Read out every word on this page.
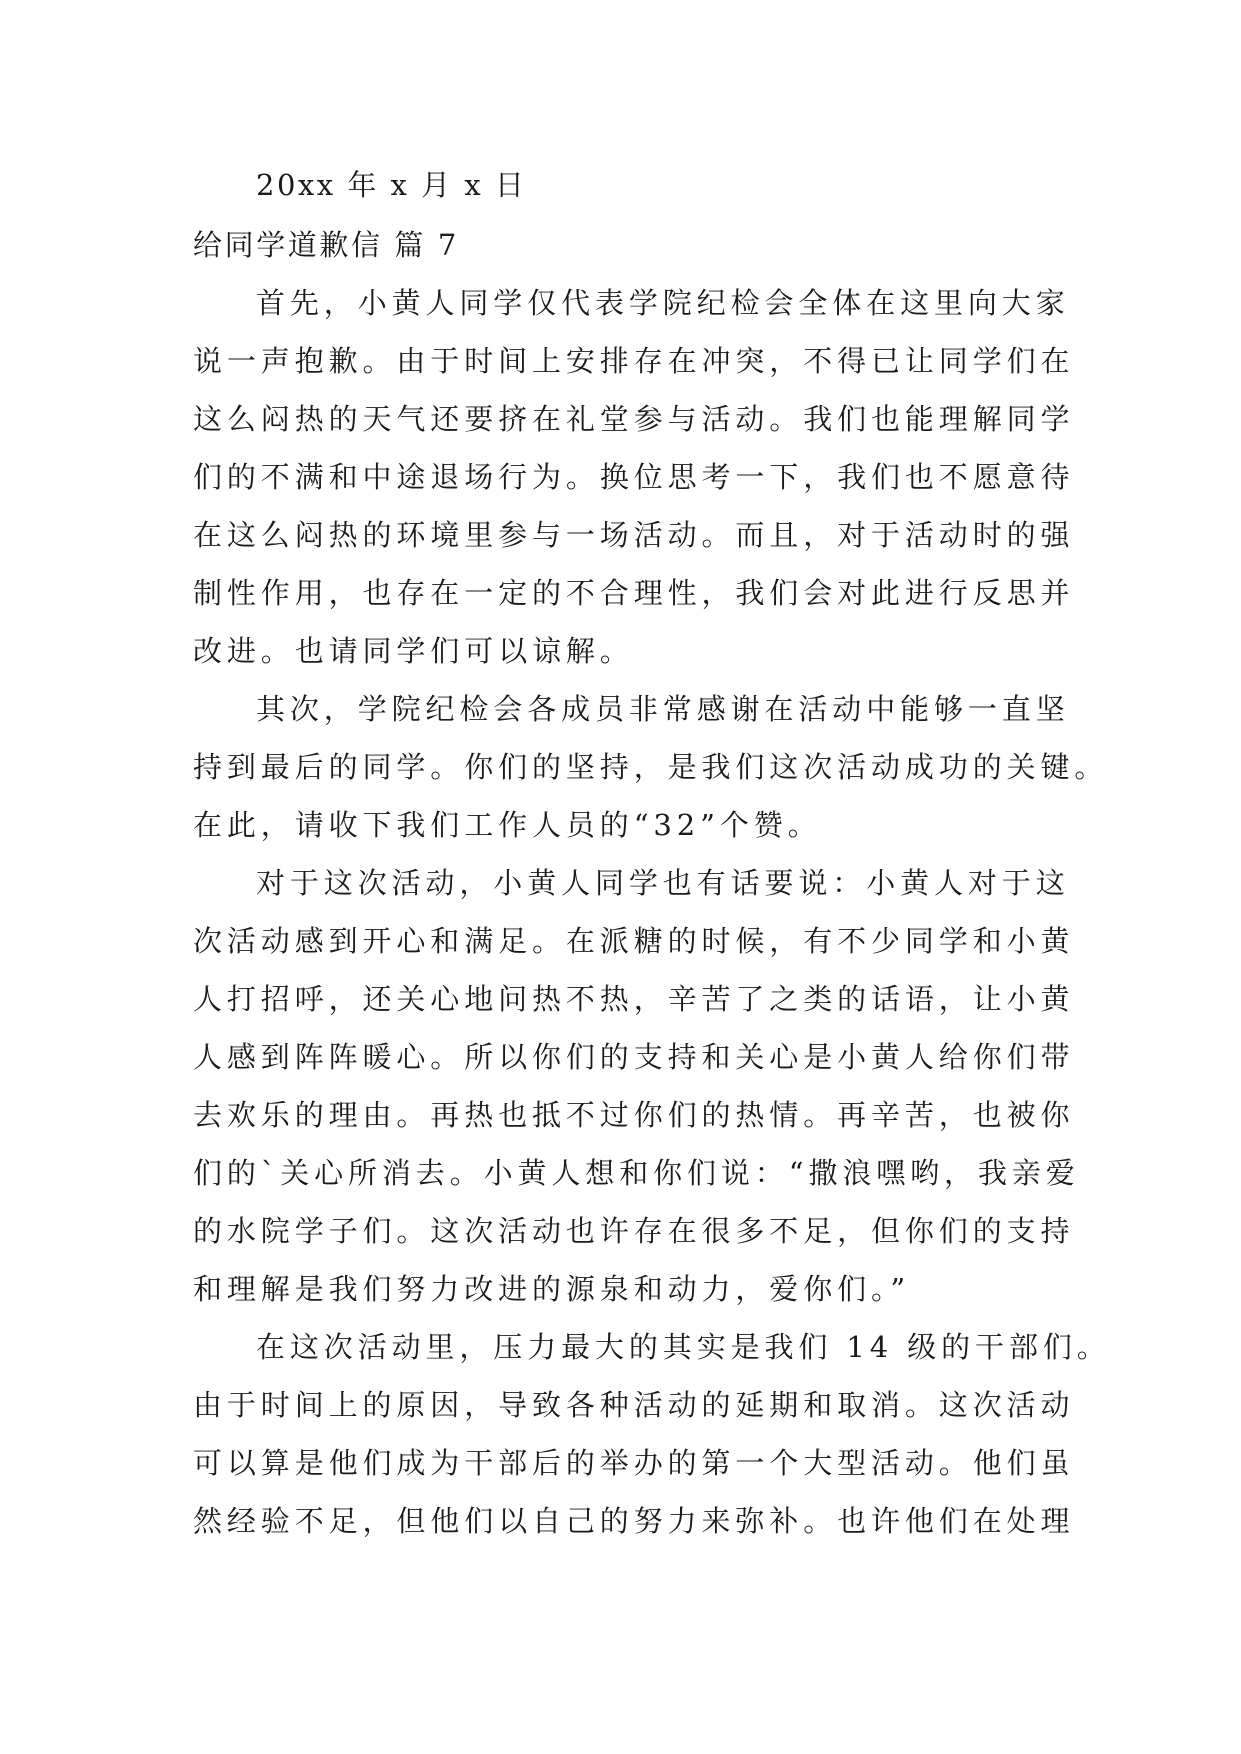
20xx 年 x 月 x 日
给同学道歉信 篇 7
首先，小黄人同学仅代表学院纪检会全体在这里向大家
说一声抱歉。由于时间上安排存在冲突，不得已让同学们在
这么闷热的天气还要挤在礼堂参与活动。我们也能理解同学
们的不满和中途退场行为。换位思考一下，我们也不愿意待
在这么闷热的环境里参与一场活动。而且，对于活动时的强
制性作用，也存在一定的不合理性，我们会对此进行反思并
改进。也请同学们可以谅解。
其次，学院纪检会各成员非常感谢在活动中能够一直坚
持到最后的同学。你们的坚持，是我们这次活动成功的关键。
在此，请收下我们工作人员的“32”个赞。
对于这次活动，小黄人同学也有话要说：小黄人对于这
次活动感到开心和满足。在派糖的时候，有不少同学和小黄
人打招呼，还关心地问热不热，辛苦了之类的话语，让小黄
人感到阵阵暖心。所以你们的支持和关心是小黄人给你们带
去欢乐的理由。再热也抵不过你们的热情。再辛苦，也被你
们的`关心所消去。小黄人想和你们说：“撒浪嘿哟，我亲爱
的水院学子们。这次活动也许存在很多不足，但你们的支持
和理解是我们努力改进的源泉和动力，爱你们。”
在这次活动里，压力最大的其实是我们 14 级的干部们。
由于时间上的原因，导致各种活动的延期和取消。这次活动
可以算是他们成为干部后的举办的第一个大型活动。他们虽
然经验不足，但他们以自己的努力来弥补。也许他们在处理
